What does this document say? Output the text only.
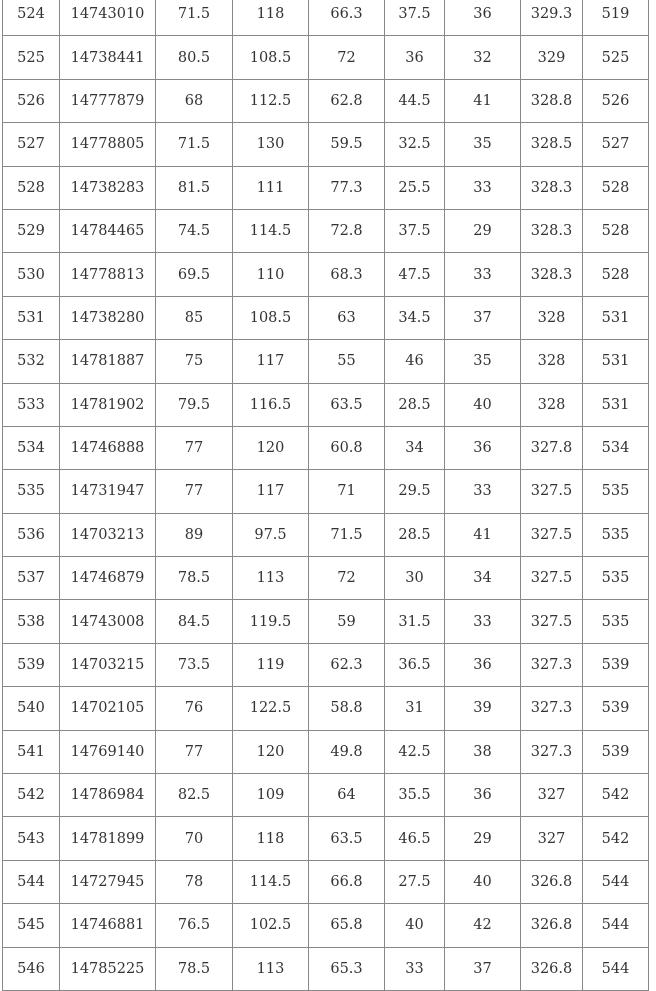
524	14743010	71.5	118	66.3	37.5	36	329.3	519
525	14738441	80.5	108.5	72	36	32	329	525
526	14777879	68	112.5	62.8	44.5	41	328.8	526
527	14778805	71.5	130	59.5	32.5	35	328.5	527
528	14738283	81.5	111	77.3	25.5	33	328.3	528
529	14784465	74.5	114.5	72.8	37.5	29	328.3	528
530	14778813	69.5	110	68.3	47.5	33	328.3	528
531	14738280	85	108.5	63	34.5	37	328	531
532	14781887	75	117	55	46	35	328	531
533	14781902	79.5	116.5	63.5	28.5	40	328	531
534	14746888	77	120	60.8	34	36	327.8	534
535	14731947	77	117	71	29.5	33	327.5	535
536	14703213	89	97.5	71.5	28.5	41	327.5	535
537	14746879	78.5	113	72	30	34	327.5	535
538	14743008	84.5	119.5	59	31.5	33	327.5	535
539	14703215	73.5	119	62.3	36.5	36	327.3	539
540	14702105	76	122.5	58.8	31	39	327.3	539
541	14769140	77	120	49.8	42.5	38	327.3	539
542	14786984	82.5	109	64	35.5	36	327	542
543	14781899	70	118	63.5	46.5	29	327	542
544	14727945	78	114.5	66.8	27.5	40	326.8	544
545	14746881	76.5	102.5	65.8	40	42	326.8	544
546	14785225	78.5	113	65.3	33	37	326.8	544
